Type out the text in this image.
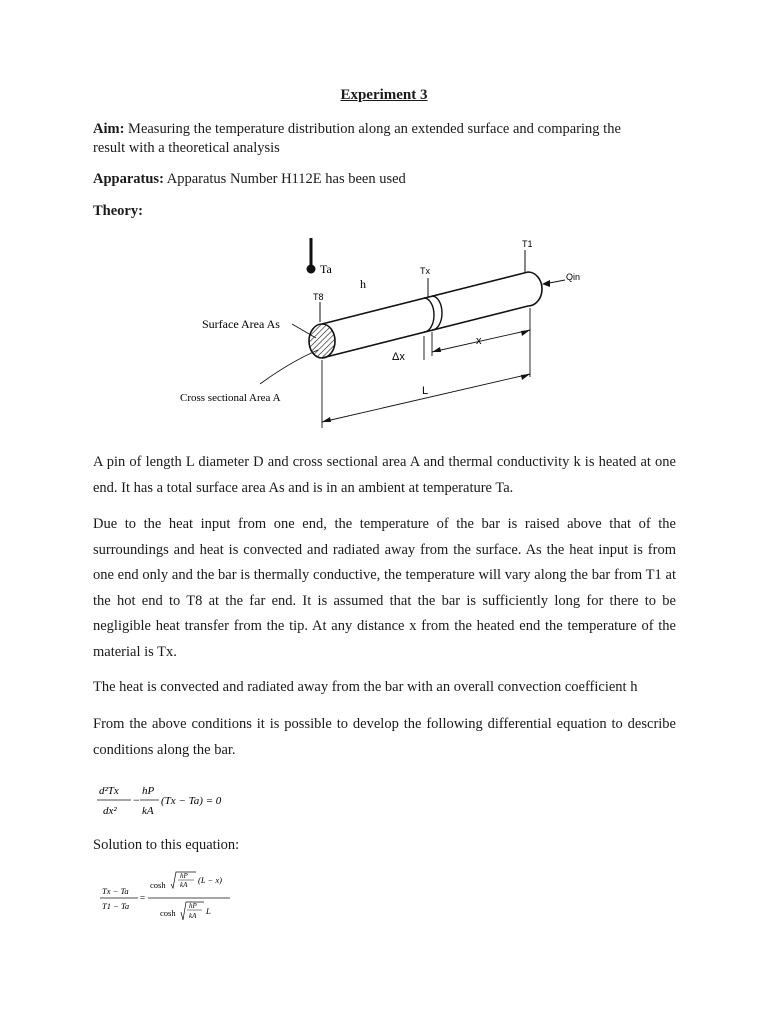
Experiment 3
Aim: Measuring the temperature distribution along an extended surface and comparing the
result with a theoretical analysis
Apparatus: Apparatus Number H112E has been used
Theory:
Ta
h
T8
Tx
T1
Qin
Surface Area As
Cross sectional Area A
x
Δx
L
A pin of length L diameter D and cross sectional area A and thermal conductivity k is heated at one end. It has a total surface area As and is in an ambient at temperature Ta.
Due to the heat input from one end, the temperature of the bar is raised above that of the surroundings and heat is convected and radiated away from the surface. As the heat input is from one end only and the bar is thermally conductive, the temperature will vary along the bar from T1 at the hot end to T8 at the far end. It is assumed that the bar is sufficiently long for there to be negligible heat transfer from the tip. At any distance x from the heated end the temperature of the material is Tx.
The heat is convected and radiated away from the bar with an overall convection coefficient h
From the above conditions it is possible to develop the following differential equation to describe conditions along the bar.
d²Tx
dx²
−
hP
kA
(Tx − Ta) = 0
Solution to this equation:
Tx − Ta
T1 − Ta
=
cosh
hP
kA (L − x)
cosh
hP
kA L
